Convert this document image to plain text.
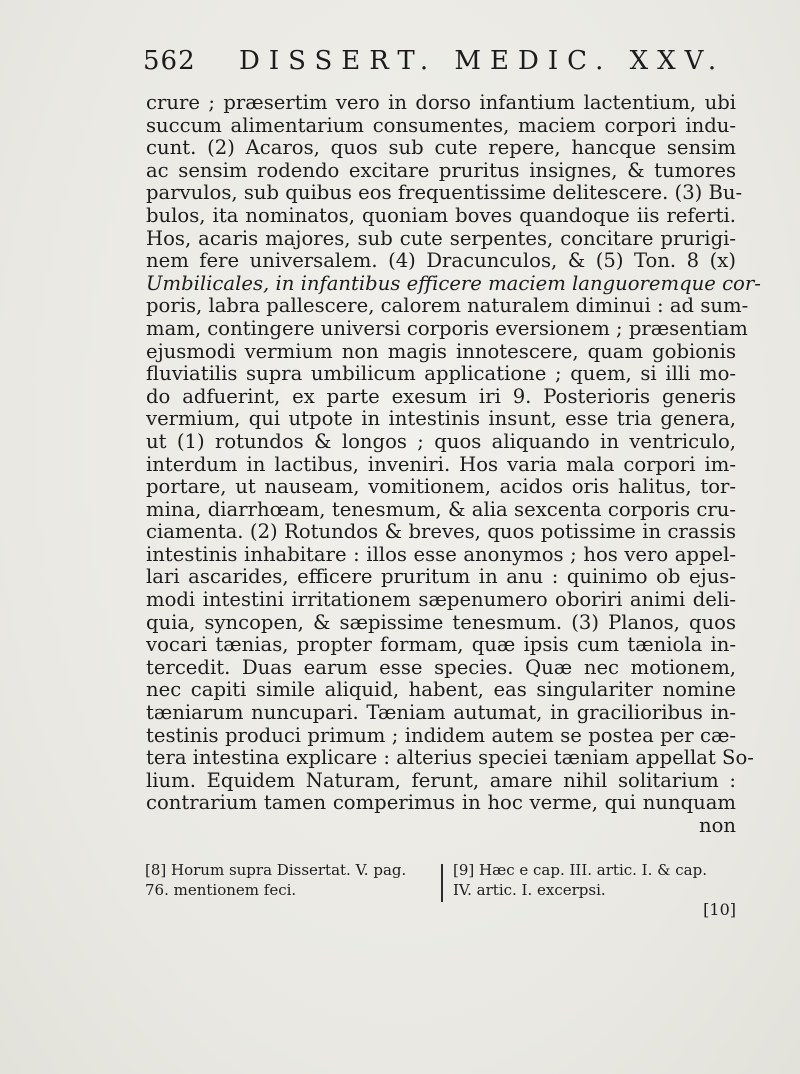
562 DISSERT. MEDIC. XXV.
crure ; præsertim vero in dorso infantium lactentium, ubi
succum alimentarium consumentes, maciem corpori indu-
cunt. (2) Acaros, quos sub cute repere, hancque sensim
ac sensim rodendo excitare pruritus insignes, & tumores
parvulos, sub quibus eos frequentissime delitescere. (3) Bu-
bulos, ita nominatos, quoniam boves quandoque iis referti.
Hos, acaris majores, sub cute serpentes, concitare prurigi-
nem fere universalem. (4) Dracunculos, & (5) Ton. 8 (x)
Umbilicales, in infantibus efficere maciem languoremque cor-
poris, labra pallescere, calorem naturalem diminui : ad sum-
mam, contingere universi corporis eversionem ; præsentiam
ejusmodi vermium non magis innotescere, quam gobionis
fluviatilis supra umbilicum applicatione ; quem, si illi mo-
do adfuerint, ex parte exesum iri 9. Posterioris generis
vermium, qui utpote in intestinis insunt, esse tria genera,
ut (1) rotundos & longos ; quos aliquando in ventriculo,
interdum in lactibus, inveniri. Hos varia mala corpori im-
portare, ut nauseam, vomitionem, acidos oris halitus, tor-
mina, diarrhœam, tenesmum, & alia sexcenta corporis cru-
ciamenta. (2) Rotundos & breves, quos potissime in crassis
intestinis inhabitare : illos esse anonymos ; hos vero appel-
lari ascarides, efficere pruritum in anu : quinimo ob ejus-
modi intestini irritationem sæpenumero oboriri animi deli-
quia, syncopen, & sæpissime tenesmum. (3) Planos, quos
vocari tænias, propter formam, quæ ipsis cum tæniola in-
tercedit. Duas earum esse species. Quæ nec motionem,
nec capiti simile aliquid, habent, eas singulariter nomine
tæniarum nuncupari. Tæniam autumat, in gracilioribus in-
testinis produci primum ; indidem autem se postea per cæ-
tera intestina explicare : alterius speciei tæniam appellat So-
lium. Equidem Naturam, ferunt, amare nihil solitarium :
contrarium tamen comperimus in hoc verme, qui nunquam
non
[8] Horum supra Dissertat. V. pag.
76. mentionem feci.
[9] Hæc e cap. III. artic. I. & cap.
IV. artic. I. excerpsi.
[10]
